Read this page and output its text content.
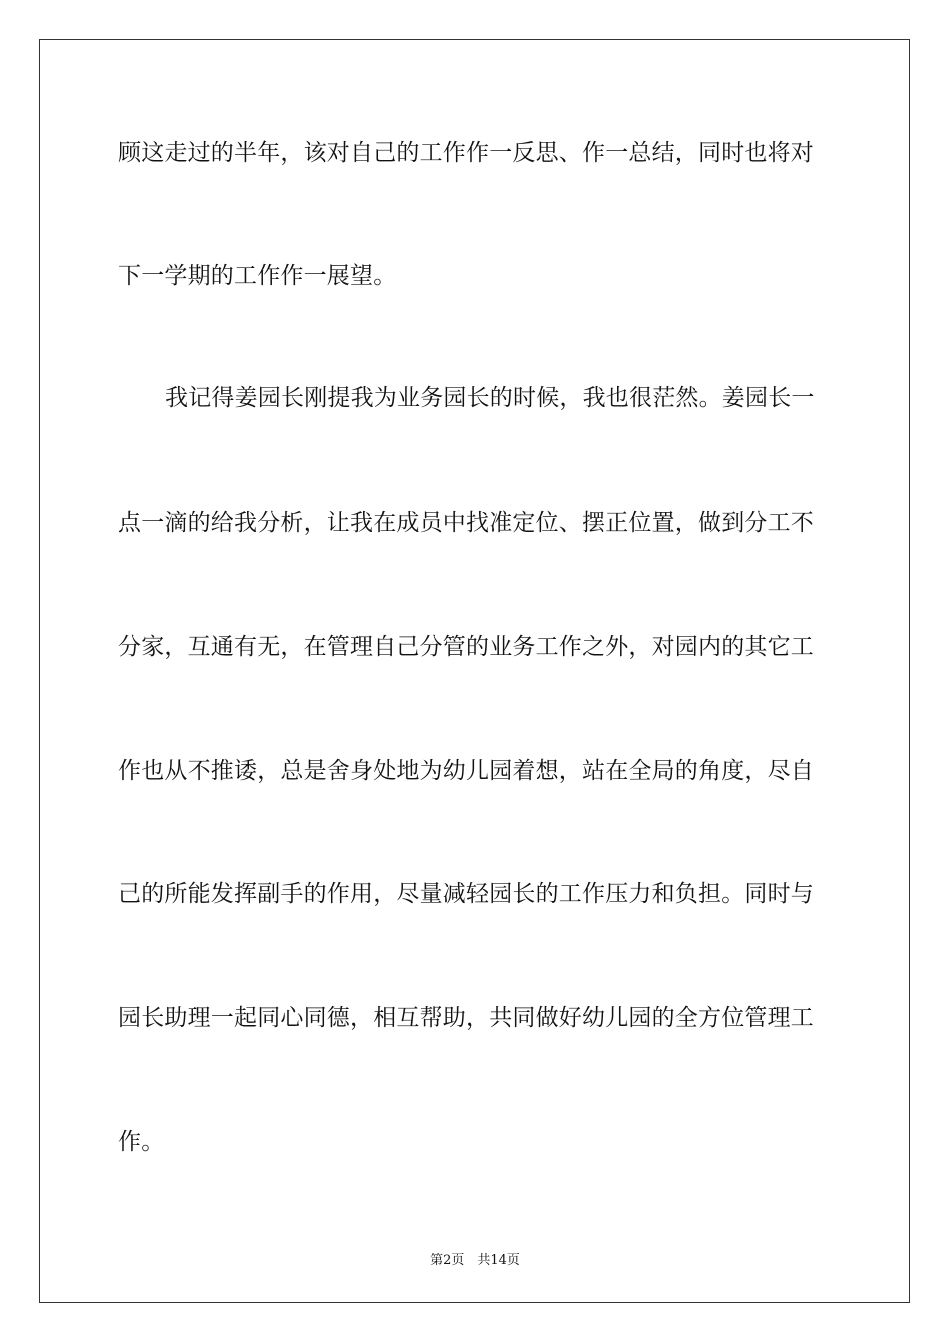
顾这走过的半年，该对自己的工作作一反思、作一总结，同时也将对
下一学期的工作作一展望。
我记得姜园长刚提我为业务园长的时候，我也很茫然。姜园长一
点一滴的给我分析，让我在成员中找准定位、摆正位置，做到分工不
分家，互通有无，在管理自己分管的业务工作之外，对园内的其它工
作也从不推诿，总是舍身处地为幼儿园着想，站在全局的角度，尽自
己的所能发挥副手的作用，尽量减轻园长的工作压力和负担。同时与
园长助理一起同心同德，相互帮助，共同做好幼儿园的全方位管理工
作。
第2页　共14页
